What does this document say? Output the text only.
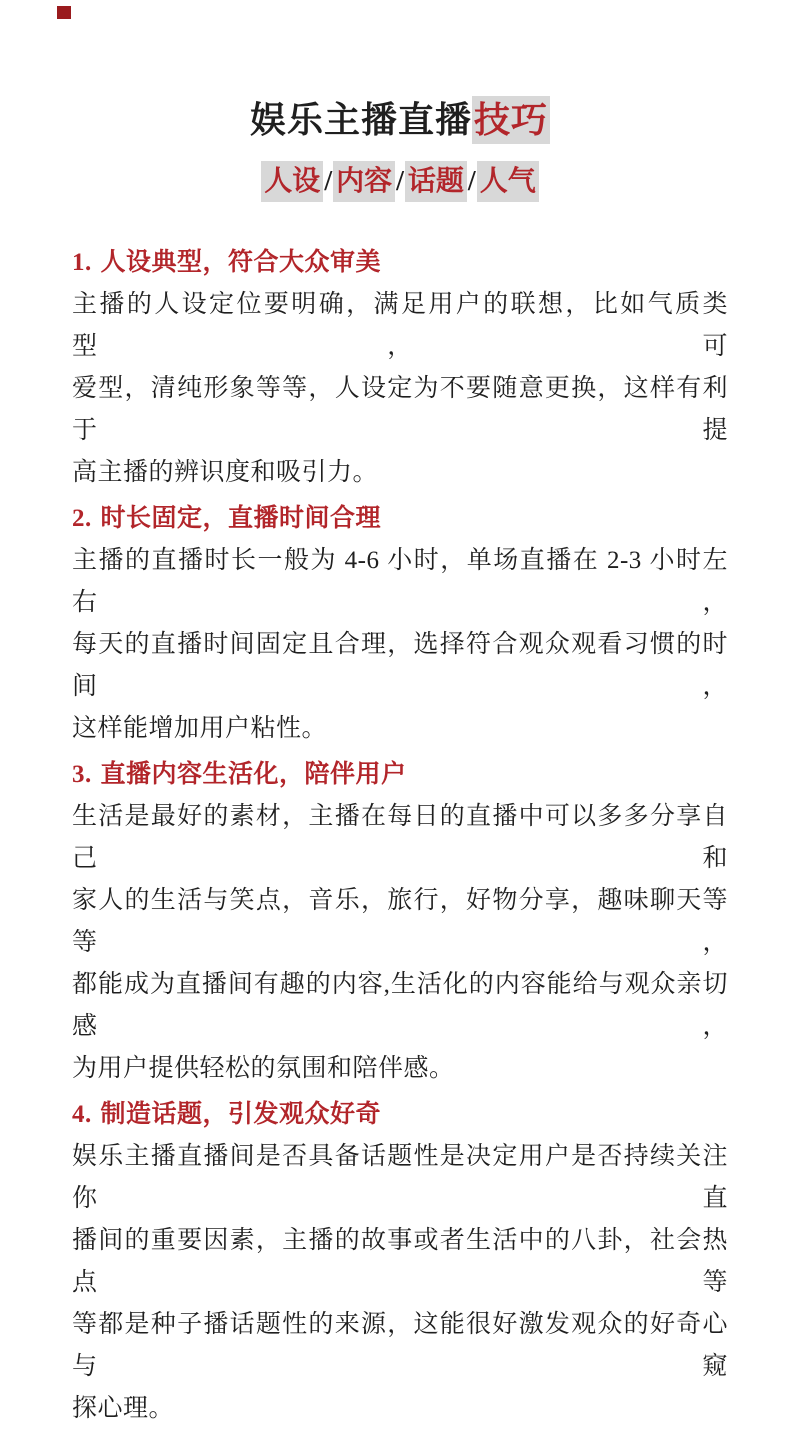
娱乐主播直播技巧
人设 / 内容 / 话题 / 人气
1. 人设典型，符合大众审美

主播的人设定位要明确，满足用户的联想，比如气质类型，可

爱型，清纯形象等等，人设定为不要随意更换，这样有利于提

高主播的辨识度和吸引力。

2. 时长固定，直播时间合理

主播的直播时长一般为 4-6 小时，单场直播在 2-3 小时左右，

每天的直播时间固定且合理，选择符合观众观看习惯的时间，

这样能增加用户粘性。

3. 直播内容生活化，陪伴用户

生活是最好的素材，主播在每日的直播中可以多多分享自己和

家人的生活与笑点，音乐，旅行，好物分享，趣味聊天等等，

都能成为直播间有趣的内容,生活化的内容能给与观众亲切感，

为用户提供轻松的氛围和陪伴感。

4. 制造话题，引发观众好奇

娱乐主播直播间是否具备话题性是决定用户是否持续关注你直

播间的重要因素，主播的故事或者生活中的八卦，社会热点等

等都是种子播话题性的来源，这能很好激发观众的好奇心与窥

探心理。
